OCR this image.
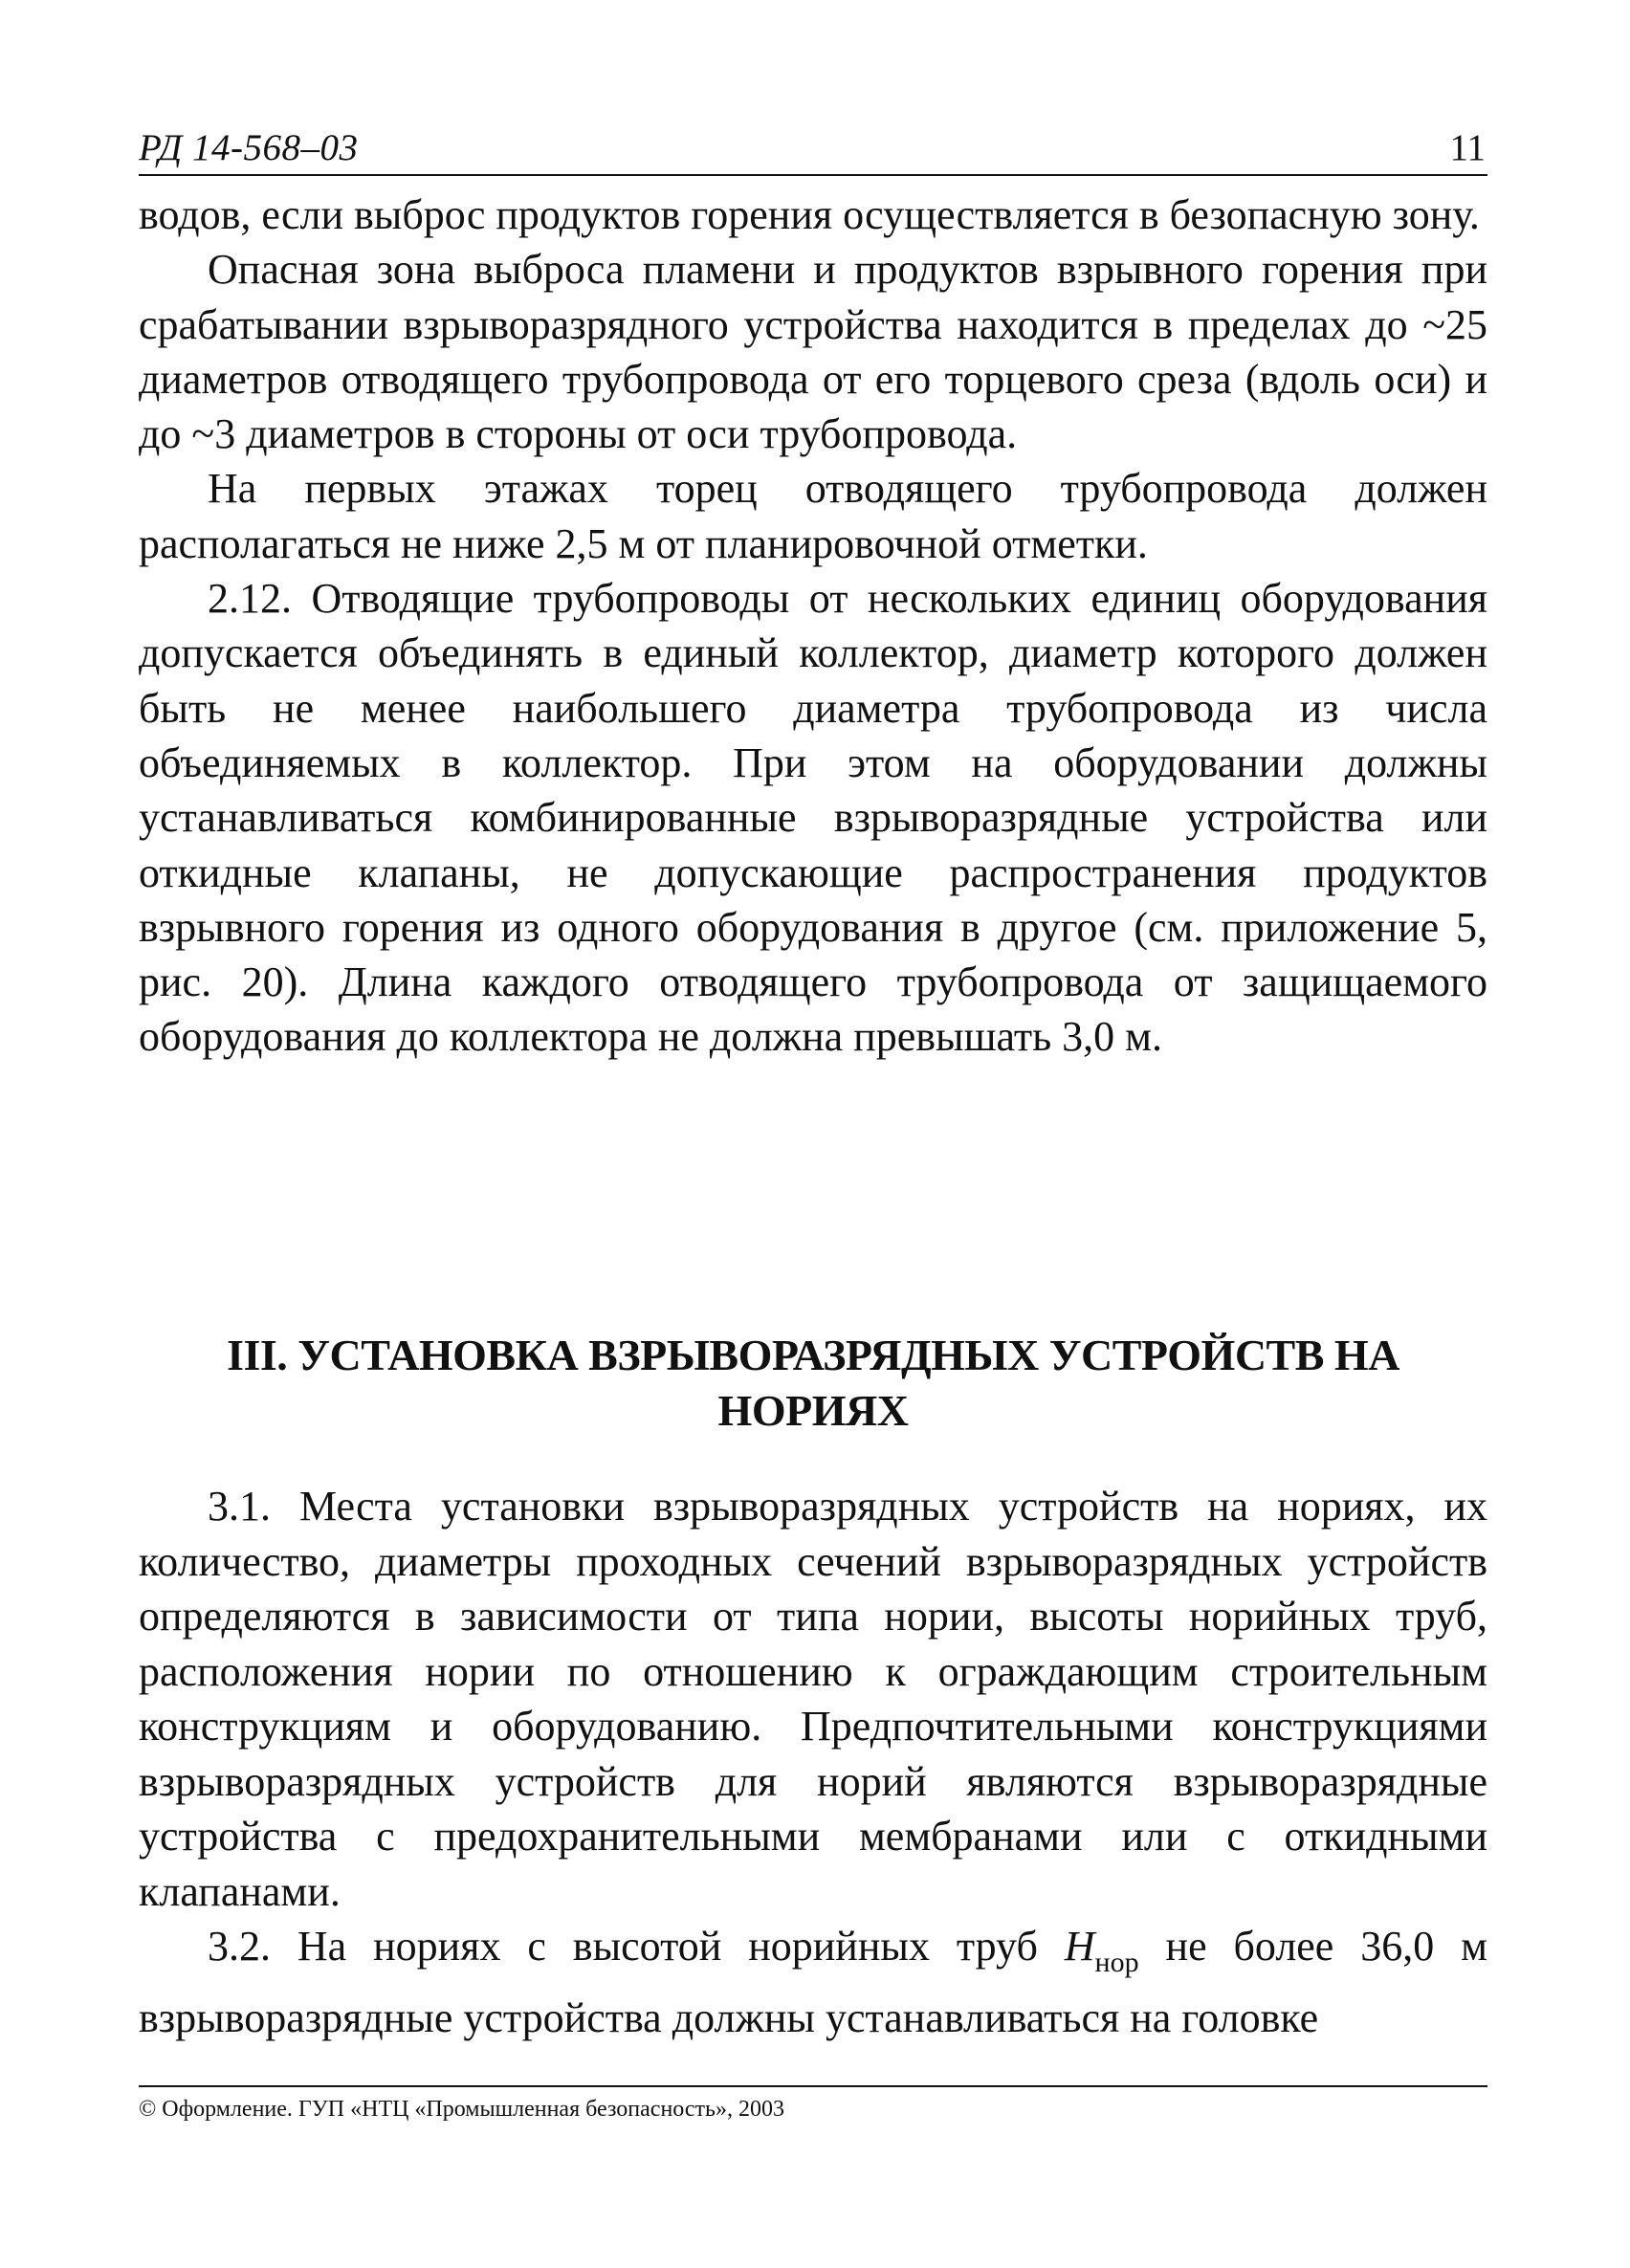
РД 14-568–03	11

водов, если выброс продуктов горения осуществляется в безопасную зону.

Опасная зона выброса пламени и продуктов взрывного горения при срабатывании взрыворазрядного устройства находится в пределах до ~25 диаметров отводящего трубопровода от его торцевого среза (вдоль оси) и до ~3 диаметров в стороны от оси трубопровода.

На первых этажах торец отводящего трубопровода должен располагаться не ниже 2,5 м от планировочной отметки.

2.12. Отводящие трубопроводы от нескольких единиц оборудования допускается объединять в единый коллектор, диаметр которого должен быть не менее наибольшего диаметра трубопровода из числа объединяемых в коллектор. При этом на оборудовании должны устанавливаться комбинированные взрыворазрядные устройства или откидные клапаны, не допускающие распространения продуктов взрывного горения из одного оборудования в другое (см. приложение 5, рис. 20). Длина каждого отводящего трубопровода от защищаемого оборудования до коллектора не должна превышать 3,0 м.

III. УСТАНОВКА ВЗРЫВОРАЗРЯДНЫХ УСТРОЙСТВ НА
НОРИЯХ

3.1. Места установки взрыворазрядных устройств на нориях, их количество, диаметры проходных сечений взрыворазрядных устройств определяются в зависимости от типа нории, высоты норийных труб, расположения нории по отношению к ограждающим строительным конструкциям и оборудованию. Предпочтительными конструкциями взрыворазрядных устройств для норий являются взрыворазрядные устройства с предохранительными мембранами или с откидными клапанами.

3.2. На нориях с высотой норийных труб $H_{нор}$ не более 36,0 м взрыворазрядные устройства должны устанавливаться на головке

© Оформление. ГУП «НТЦ «Промышленная безопасность», 2003
